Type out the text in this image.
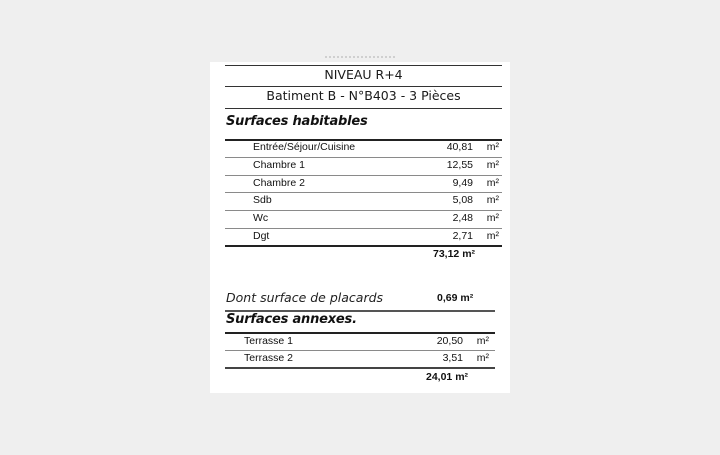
NIVEAU R+4
Batiment B - N°B403 - 3 Pièces
Surfaces habitables
Entrée/Séjour/Cuisine	40,81 m²
Chambre 1	12,55 m²
Chambre 2	9,49 m²
Sdb	5,08 m²
Wc	2,48 m²
Dgt	2,71 m²
73,12 m²
Dont surface de placards	0,69 m²
Surfaces annexes.
Terrasse 1	20,50 m²
Terrasse 2	3,51 m²
24,01 m²
